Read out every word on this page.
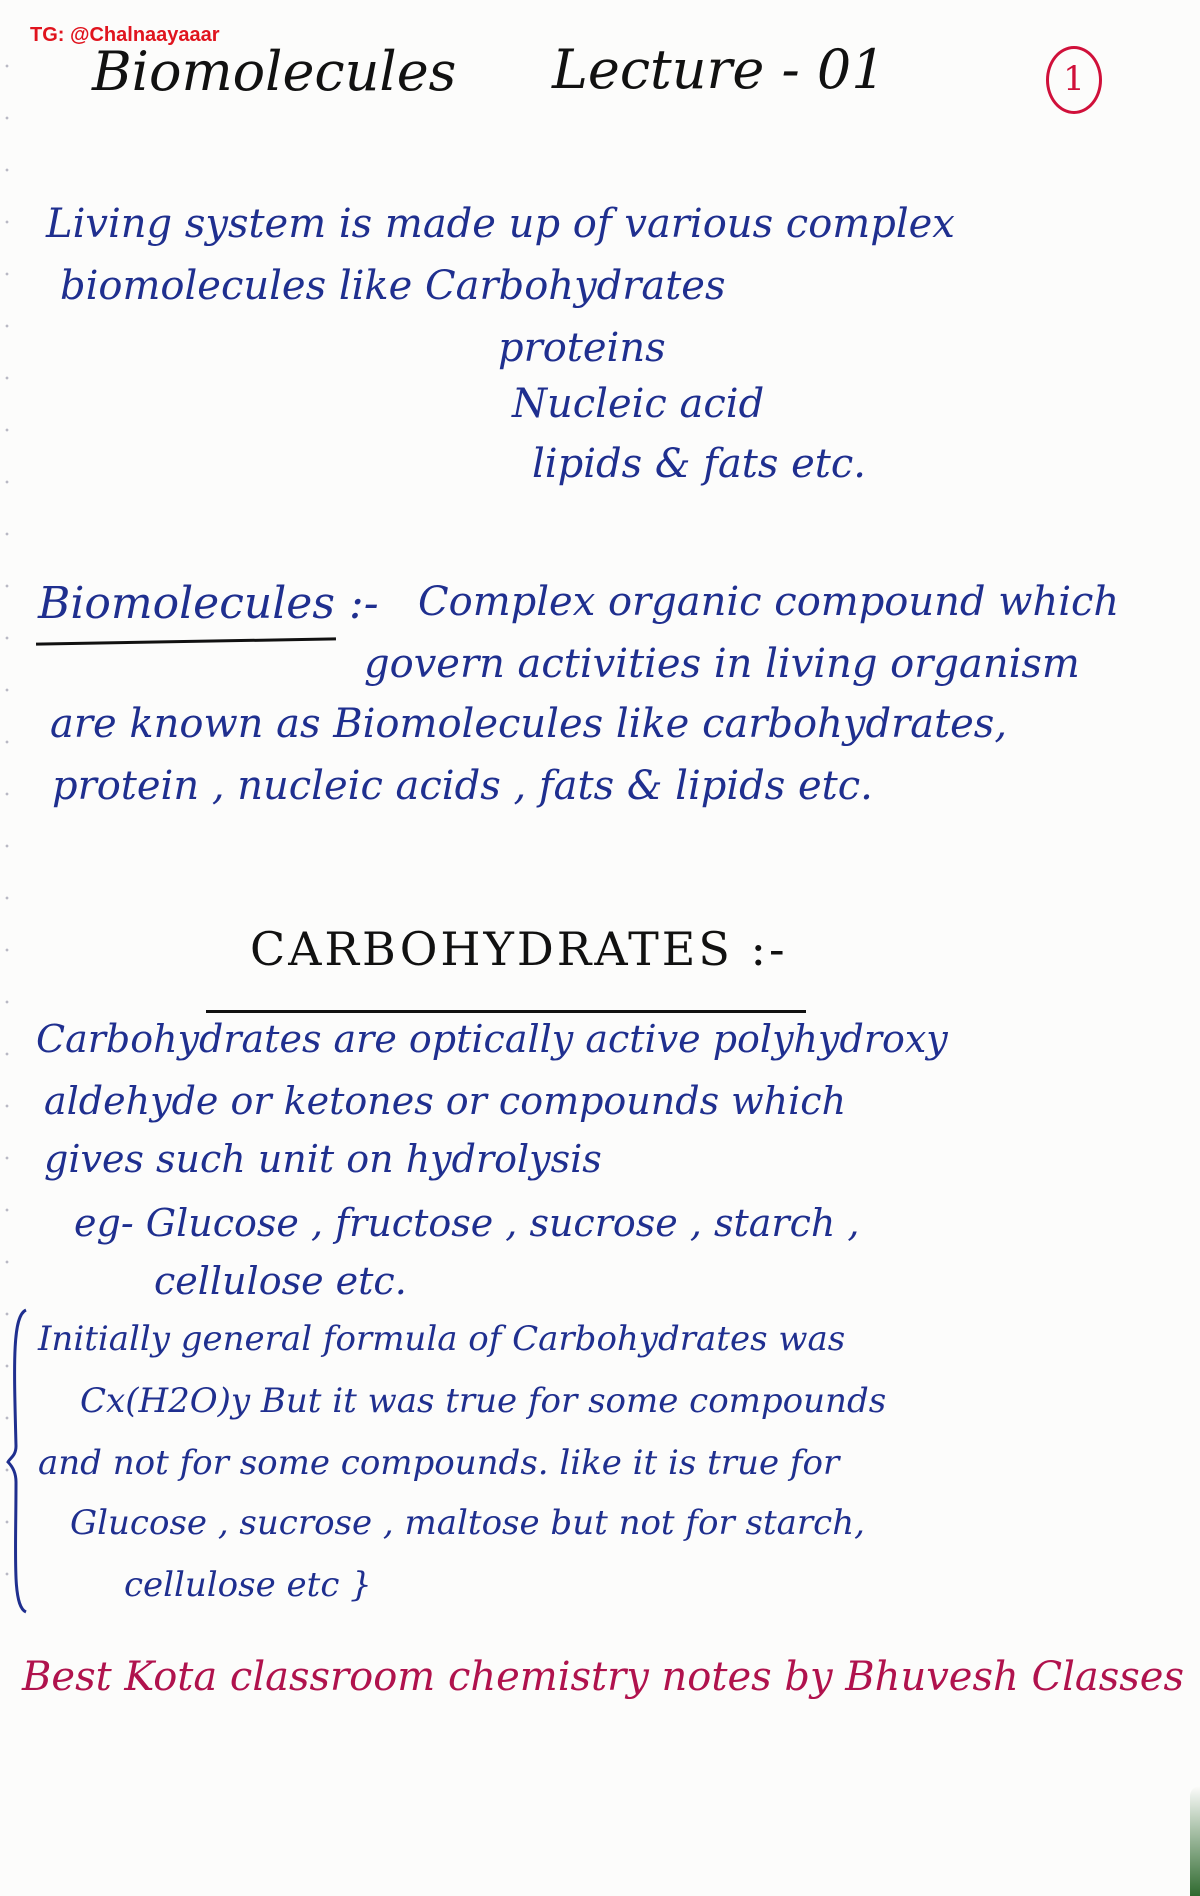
TG: @Chalnaayaaar
Biomolecules Lecture - 01	1
Living system is made up of various complex
biomolecules like Carbohydrates
proteins
Nucleic acid
lipids & fats etc.
Biomolecules :- Complex organic compound which
govern activities in living organism
are known as Biomolecules like carbohydrates,
protein , nucleic acids , fats & lipids etc.
CARBOHYDRATES :-
Carbohydrates are optically active polyhydroxy
aldehyde or ketones or compounds which
gives such unit on hydrolysis
eg- Glucose , fructose , sucrose , starch ,
cellulose etc.
Initially general formula of Carbohydrates was
Cx(H2O)y But it was true for some compounds
and not for some compounds. like it is true for
Glucose , sucrose , maltose but not for starch,
cellulose etc }
Best Kota classroom chemistry notes by Bhuvesh Classes
